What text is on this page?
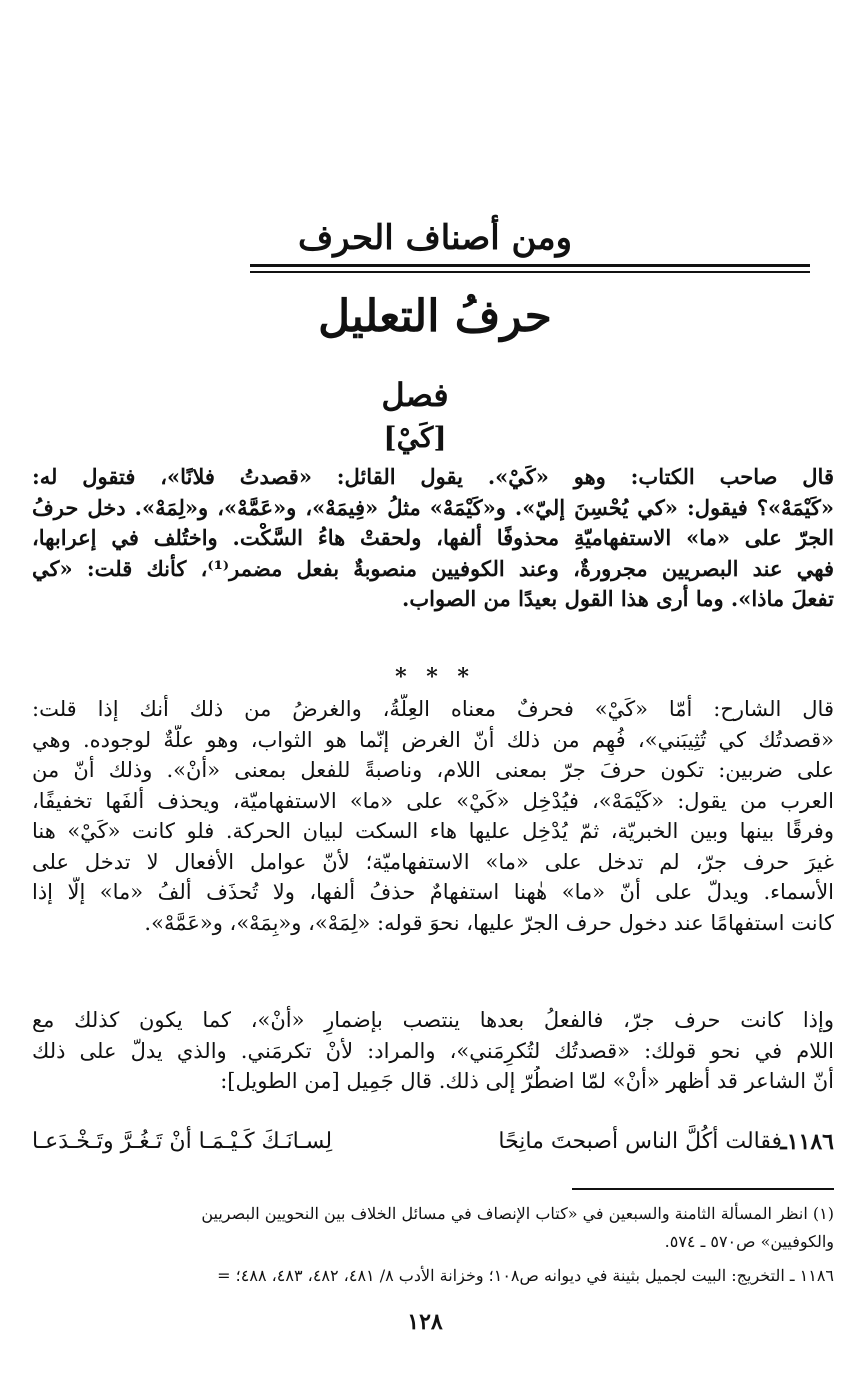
ومن أصناف الحرف
حرفُ التعليل
فصل
[كَيْ]
قال صاحب الكتاب: وهو «كَيْ». يقول القائل: «قصدتُ فلانًا»، فتقول له:
«كَيْمَهْ»؟ فيقول: «كي يُحْسِنَ إليّ». و«كَيْمَهْ» مثلُ «فِيمَهْ»، و«عَمَّهْ»، و«لِمَهْ». دخل حرفُ
الجرّ على «ما» الاستفهاميّةِ محذوفًا ألفها، ولحقتْ هاءُ السَّكْت. واختُلف في إعرابها،
فهي عند البصريين مجرورةٌ، وعند الكوفيين منصوبةٌ بفعل مضمر⁽¹⁾، كأنك قلت: «كي
تفعلَ ماذا». وما أرى هذا القول بعيدًا من الصواب.
* * *
قال الشارح: أمّا «كَيْ» فحرفٌ معناه العِلّةُ، والغرضُ من ذلك أنك إذا قلت:
«قصدتُك كي تُثِيبَني»، فُهِم من ذلك أنّ الغرض إنّما هو الثواب، وهو علّةٌ لوجوده. وهي
على ضربين: تكون حرفَ جرّ بمعنى اللام، وناصبةً للفعل بمعنى «أنْ». وذلك أنّ من
العرب من يقول: «كَيْمَهْ»، فيُدْخِل «كَيْ» على «ما» الاستفهاميّة، ويحذف ألفَها تخفيفًا،
وفرقًا بينها وبين الخبريّة، ثمّ يُدْخِل عليها هاء السكت لبيان الحركة. فلو كانت «كَيْ» هنا
غيرَ حرف جرّ، لم تدخل على «ما» الاستفهاميّة؛ لأنّ عوامل الأفعال لا تدخل على
الأسماء. ويدلّ على أنّ «ما» هٰهنا استفهامٌ حذفُ ألفها، ولا تُحذَف ألفُ «ما» إلّا إذا
كانت استفهامًا عند دخول حرف الجرّ عليها، نحوَ قوله: «لِمَهْ»، و«بِمَهْ»، و«عَمَّهْ».
وإذا كانت حرف جرّ، فالفعلُ بعدها ينتصب بإضمارِ «أنْ»، كما يكون كذلك مع
اللام في نحو قولك: «قصدتُك لتُكرِمَني»، والمراد: لأنْ تكرمَني. والذي يدلّ على ذلك
أنّ الشاعر قد أظهر «أنْ» لمّا اضطُرّ إلى ذلك. قال جَمِيل [من الطويل]:
١١٨٦ـ
فقالت أكُلَّ الناس أصبحتَ مانِحًا
لِسـانَـكَ كَـيْـمَـا أنْ تَـغُـرَّ وتَـخْـدَعـا
(١) انظر المسألة الثامنة والسبعين في «كتاب الإنصاف في مسائل الخلاف بين النحويين البصريين
والكوفيين» ص٥٧٠ ـ ٥٧٤.
١١٨٦ ـ التخريج: البيت لجميل بثينة في ديوانه ص١٠٨؛ وخزانة الأدب ٨/ ٤٨١، ٤٨٢، ٤٨٣، ٤٨٨؛ =
١٢٨
